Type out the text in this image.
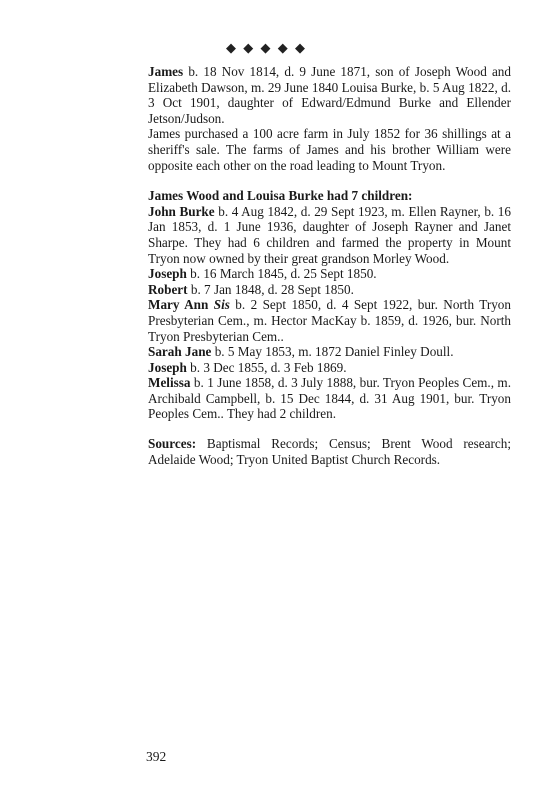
◆ ◆ ◆ ◆ ◆

James b. 18 Nov 1814, d. 9 June 1871, son of Joseph Wood and Elizabeth Dawson, m. 29 June 1840 Louisa Burke, b. 5 Aug 1822, d. 3 Oct 1901, daughter of Edward/Edmund Burke and Ellender Jetson/Judson.

James purchased a 100 acre farm in July 1852 for 36 shillings at a sheriff's sale. The farms of James and his brother William were opposite each other on the road leading to Mount Tryon.

James Wood and Louisa Burke had 7 children:

John Burke b. 4 Aug 1842, d. 29 Sept 1923, m. Ellen Rayner, b. 16 Jan 1853, d. 1 June 1936, daughter of Joseph Rayner and Janet Sharpe. They had 6 children and farmed the property in Mount Tryon now owned by their great grandson Morley Wood.

Joseph b. 16 March 1845, d. 25 Sept 1850.

Robert b. 7 Jan 1848, d. 28 Sept 1850.

Mary Ann Sis b. 2 Sept 1850, d. 4 Sept 1922, bur. North Tryon Presbyterian Cem., m. Hector MacKay b. 1859, d. 1926, bur. North Tryon Presbyterian Cem..

Sarah Jane b. 5 May 1853, m. 1872 Daniel Finley Doull.

Joseph b. 3 Dec 1855, d. 3 Feb 1869.

Melissa b. 1 June 1858, d. 3 July 1888, bur. Tryon Peoples Cem., m. Archibald Campbell, b. 15 Dec 1844, d. 31 Aug 1901, bur. Tryon Peoples Cem.. They had 2 children.

Sources: Baptismal Records; Census; Brent Wood research; Adelaide Wood; Tryon United Baptist Church Records.

392
